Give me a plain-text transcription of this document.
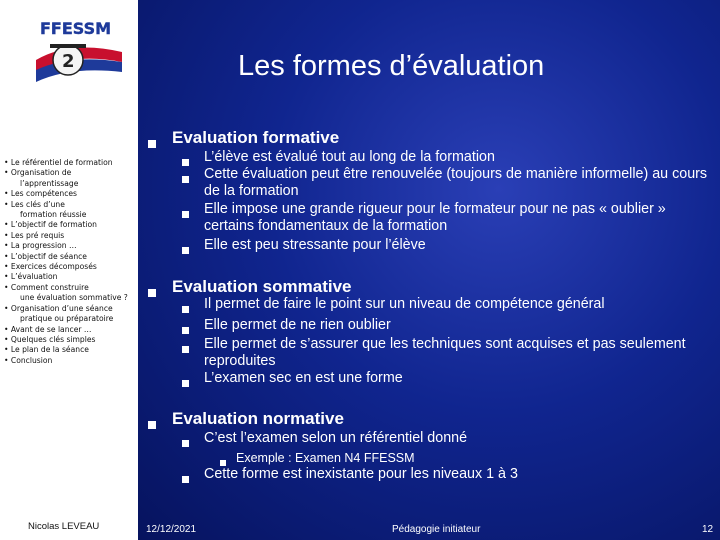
FFESSM
2
• Le référentiel de formation
• Organisation de
l’apprentissage
• Les compétences
• Les clés d’une
formation réussie
• L’objectif de formation
• Les pré requis
• La progression …
• L’objectif de séance
• Exercices décomposés
• L’évaluation
• Comment construire
une évaluation sommative ?
• Organisation d’une séance
pratique ou préparatoire
• Avant de se lancer …
• Quelques clés simples
• Le plan de la séance
• Conclusion
Nicolas LEVEAU
Les formes d’évaluation
Evaluation formative
L’élève est évalué tout au long de la formation
Cette évaluation peut être renouvelée (toujours de manière informelle) au cours de la formation
Elle impose une grande rigueur pour le formateur pour ne pas « oublier » certains fondamentaux de la formation
Elle est peu stressante pour l’élève
Evaluation sommative
Il permet de faire le point sur un niveau de compétence général
Elle permet de ne rien oublier
Elle permet de s’assurer que les techniques sont acquises et pas seulement reproduites
L’examen sec en est une forme
Evaluation normative
C’est l’examen selon un référentiel donné
Exemple : Examen N4 FFESSM
Cette forme est inexistante pour les niveaux 1 à 3
12/12/2021	Pédagogie initiateur	12
